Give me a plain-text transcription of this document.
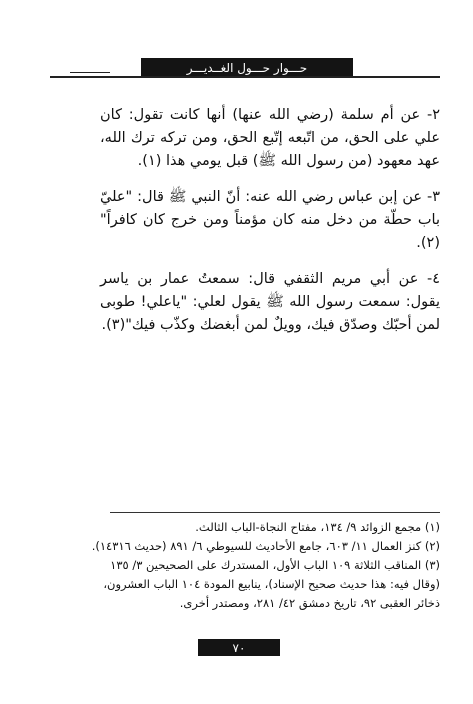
حـــوار حـــول الغــديـــر

٢- عن أم سلمة (رضي الله عنها) أنها كانت تقول: كان علي على الحق، من اتّبعه إتّبع الحق، ومن تركه ترك الله، عهد معهود (من رسول الله ﷺ) قبل يومي هذا (١).

٣- عن إبن عباس رضي الله عنه: أنّ النبي ﷺ قال: "عليّ باب حطّة من دخل منه كان مؤمناً ومن خرج كان كافراً"(٢).

٤- عن أبي مريم الثقفي قال: سمعتُ عمار بن ياسر يقول: سمعت رسول الله ﷺ يقول لعلي: "ياعلي! طوبى لمن أحبّك وصدّق فيك، وويلٌ لمن أبغضك وكذّب فيك"(٣).

(١) مجمع الزوائد ٩/ ١٣٤، مفتاح النجاة-الباب الثالث.

(٢) كنز العمال ١١/ ٦٠٣، جامع الأحاديث للسيوطي ٦/ ٨٩١ (حديث ١٤٣١٦).

(٣) المناقب الثلاثة ١٠٩ الباب الأول، المستدرك على الصحيحين ٣/ ١٣٥

(وقال فيه: هذا حديث صحيح الإسناد)، ينابيع المودة ١٠٤ الباب العشرون،

ذخائر العقبى ٩٢، تاريخ دمشق ٤٢/ ٢٨١، ومصتدر أخرى.

٧٠
